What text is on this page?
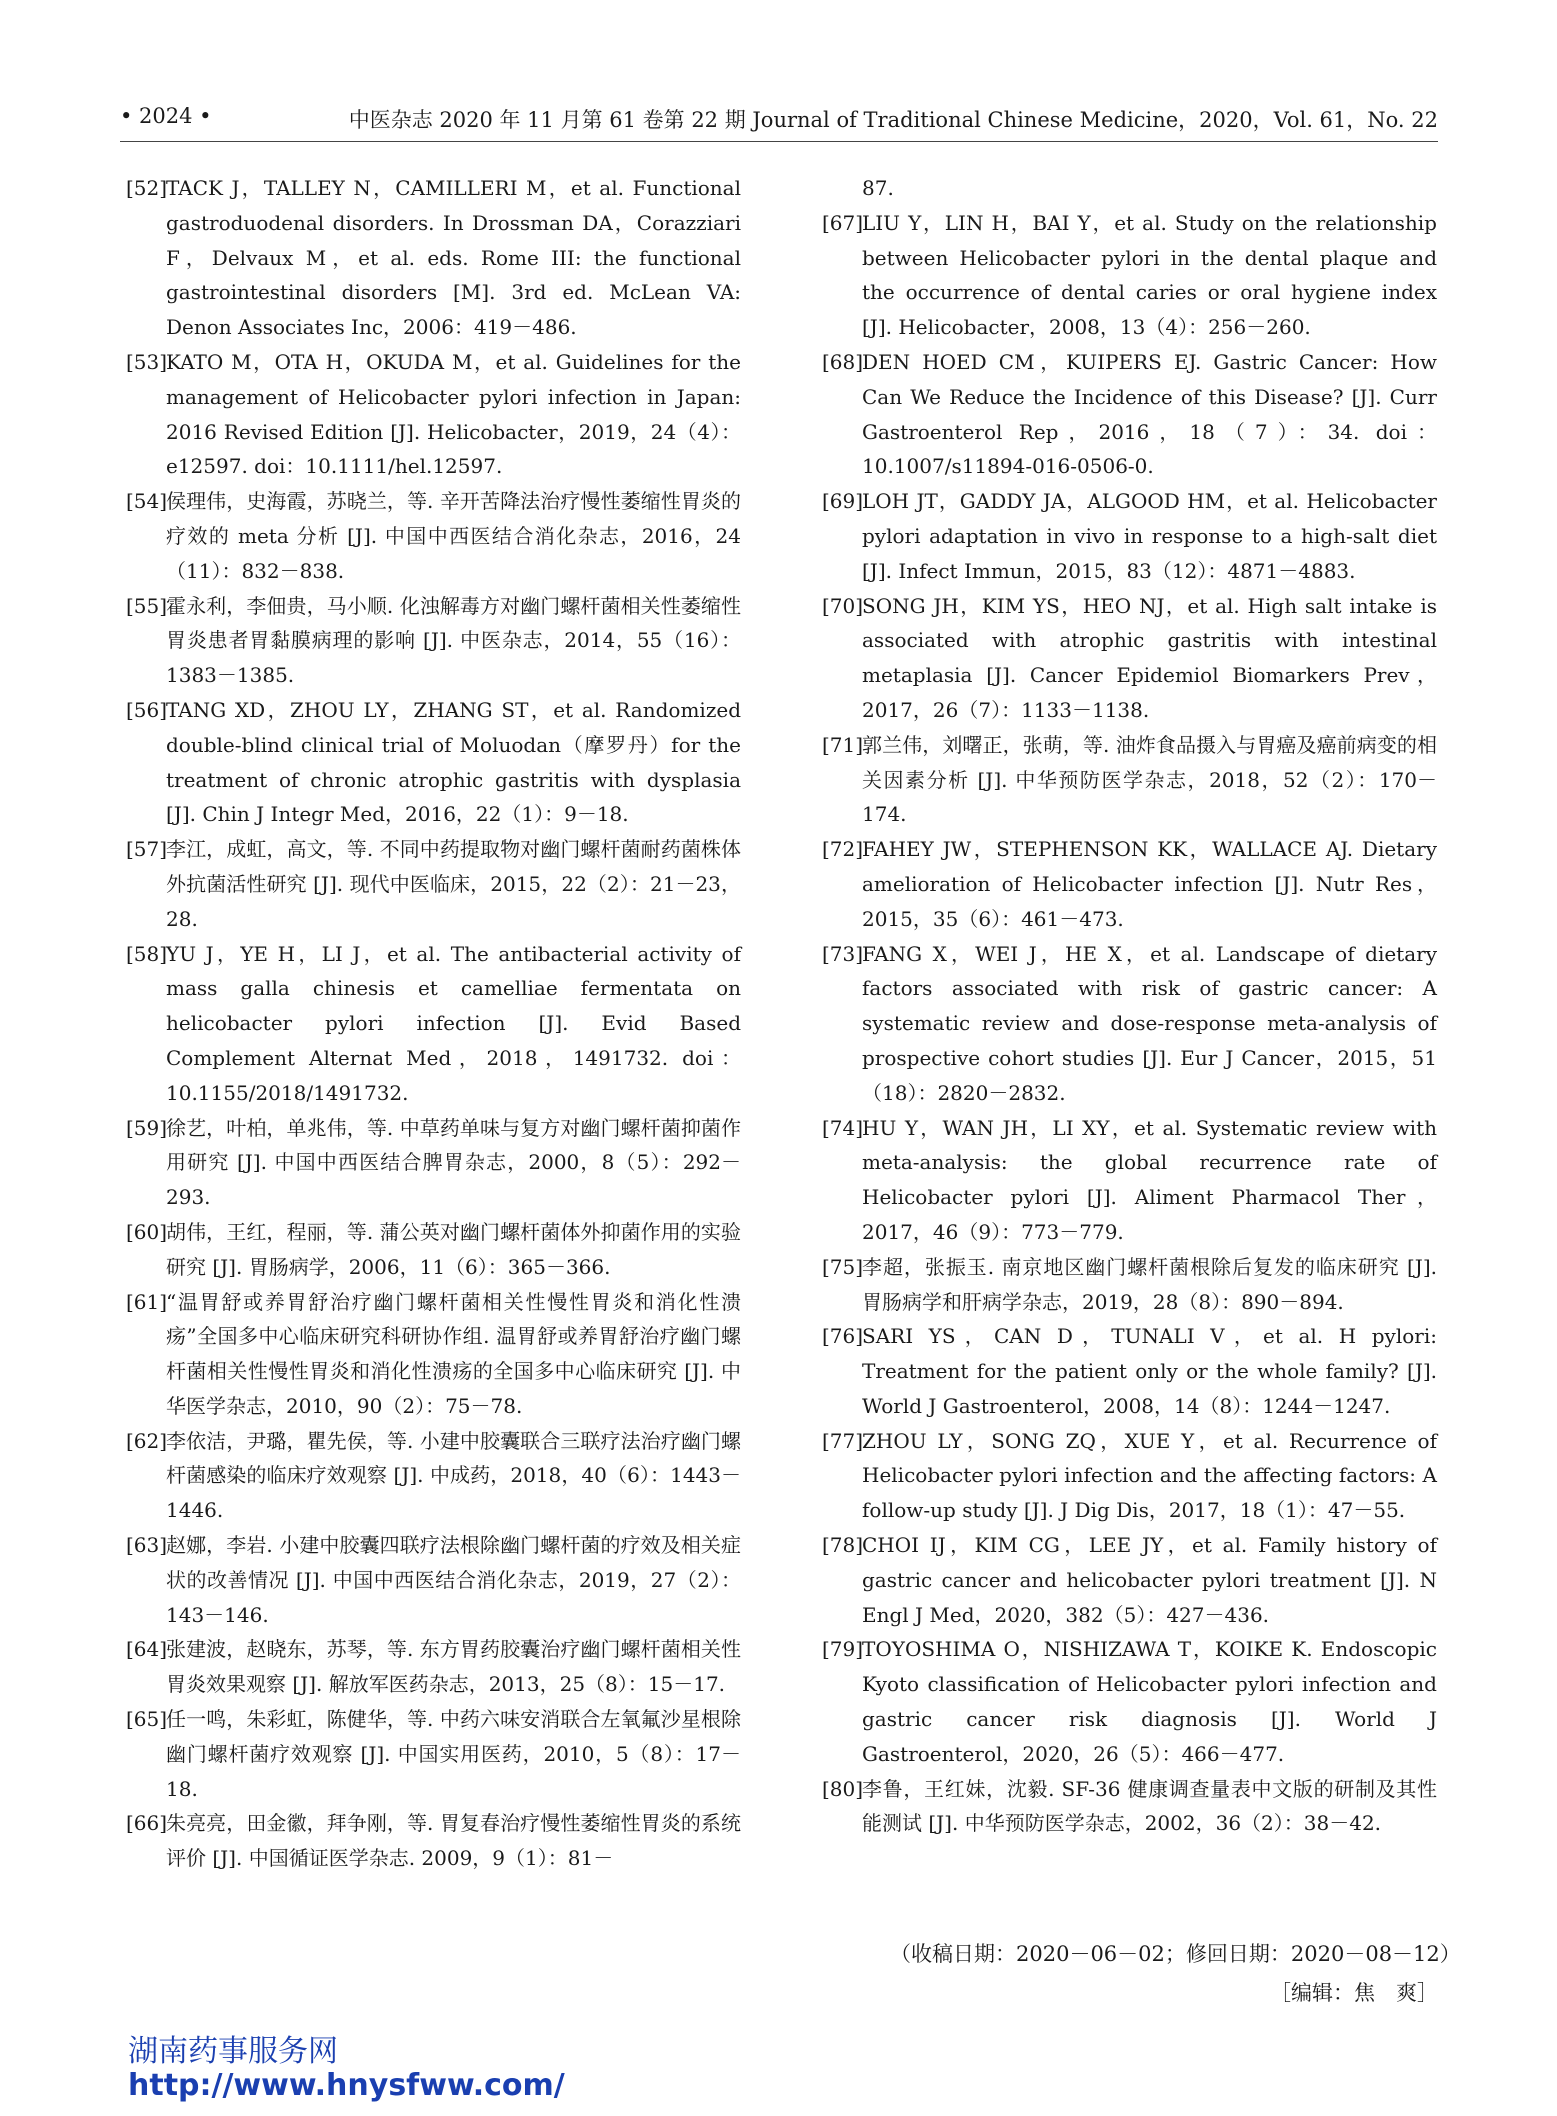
• 2024 •	中医杂志 2020 年 11 月第 61 卷第 22 期 Journal of Traditional Chinese Medicine，2020，Vol. 61，No. 22
[52]
TACK J，TALLEY N，CAMILLERI M，et al. Functional gastroduodenal disorders. In Drossman DA，Corazziari F，Delvaux M，et al. eds. Rome III: the functional gastrointestinal disorders [M]. 3rd ed. McLean VA: Denon Associates Inc，2006：419－486.
[53]
KATO M，OTA H，OKUDA M，et al. Guidelines for the management of Helicobacter pylori infection in Japan: 2016 Revised Edition [J]. Helicobacter，2019，24（4）：e12597. doi：10.1111/hel.12597.
[54]
侯理伟，史海霞，苏晓兰，等. 辛开苦降法治疗慢性萎缩性胃炎的疗效的 meta 分析 [J]. 中国中西医结合消化杂志，2016，24（11）：832－838.
[55]
霍永利，李佃贵，马小顺. 化浊解毒方对幽门螺杆菌相关性萎缩性胃炎患者胃黏膜病理的影响 [J]. 中医杂志，2014，55（16）：1383－1385.
[56]
TANG XD，ZHOU LY，ZHANG ST，et al. Randomized double-blind clinical trial of Moluodan（摩罗丹）for the treatment of chronic atrophic gastritis with dysplasia [J]. Chin J Integr Med，2016，22（1）：9－18.
[57]
李江，成虹，高文，等. 不同中药提取物对幽门螺杆菌耐药菌株体外抗菌活性研究 [J]. 现代中医临床，2015，22（2）：21－23，28.
[58]
YU J，YE H，LI J，et al. The antibacterial activity of mass galla chinesis et camelliae fermentata on helicobacter pylori infection [J]. Evid Based Complement Alternat Med，2018，1491732. doi：10.1155/2018/1491732.
[59]
徐艺，叶柏，单兆伟，等. 中草药单味与复方对幽门螺杆菌抑菌作用研究 [J]. 中国中西医结合脾胃杂志，2000，8（5）：292－293.
[60]
胡伟，王红，程丽，等. 蒲公英对幽门螺杆菌体外抑菌作用的实验研究 [J]. 胃肠病学，2006，11（6）：365－366.
[61]
“温胃舒或养胃舒治疗幽门螺杆菌相关性慢性胃炎和消化性溃疡”全国多中心临床研究科研协作组. 温胃舒或养胃舒治疗幽门螺杆菌相关性慢性胃炎和消化性溃疡的全国多中心临床研究 [J]. 中华医学杂志，2010，90（2）：75－78.
[62]
李依洁，尹璐，瞿先侯，等. 小建中胶囊联合三联疗法治疗幽门螺杆菌感染的临床疗效观察 [J]. 中成药，2018，40（6）：1443－1446.
[63]
赵娜，李岩. 小建中胶囊四联疗法根除幽门螺杆菌的疗效及相关症状的改善情况 [J]. 中国中西医结合消化杂志，2019，27（2）：143－146.
[64]
张建波，赵晓东，苏琴，等. 东方胃药胶囊治疗幽门螺杆菌相关性胃炎效果观察 [J]. 解放军医药杂志，2013，25（8）：15－17.
[65]
任一鸣，朱彩虹，陈健华，等. 中药六味安消联合左氧氟沙星根除幽门螺杆菌疗效观察 [J]. 中国实用医药，2010，5（8）：17－18.
[66]
朱亮亮，田金徽，拜争刚，等. 胃复春治疗慢性萎缩性胃炎的系统评价 [J]. 中国循证医学杂志. 2009，9（1）：81－
87.
[67]
LIU Y，LIN H，BAI Y，et al. Study on the relationship between Helicobacter pylori in the dental plaque and the occurrence of dental caries or oral hygiene index [J]. Helicobacter，2008，13（4）：256－260.
[68]
DEN HOED CM，KUIPERS EJ. Gastric Cancer: How Can We Reduce the Incidence of this Disease? [J]. Curr Gastroenterol Rep，2016，18（7）：34. doi：10.1007/s11894-016-0506-0.
[69]
LOH JT，GADDY JA，ALGOOD HM，et al. Helicobacter pylori adaptation in vivo in response to a high-salt diet [J]. Infect Immun，2015，83（12）：4871－4883.
[70]
SONG JH，KIM YS，HEO NJ，et al. High salt intake is associated with atrophic gastritis with intestinal metaplasia [J]. Cancer Epidemiol Biomarkers Prev，2017，26（7）：1133－1138.
[71]
郭兰伟，刘曙正，张萌，等. 油炸食品摄入与胃癌及癌前病变的相关因素分析 [J]. 中华预防医学杂志，2018，52（2）：170－174.
[72]
FAHEY JW，STEPHENSON KK，WALLACE AJ. Dietary amelioration of Helicobacter infection [J]. Nutr Res，2015，35（6）：461－473.
[73]
FANG X，WEI J，HE X，et al. Landscape of dietary factors associated with risk of gastric cancer: A systematic review and dose-response meta-analysis of prospective cohort studies [J]. Eur J Cancer，2015，51（18）：2820－2832.
[74]
HU Y，WAN JH，LI XY，et al. Systematic review with meta-analysis: the global recurrence rate of Helicobacter pylori [J]. Aliment Pharmacol Ther，2017，46（9）：773－779.
[75]
李超，张振玉. 南京地区幽门螺杆菌根除后复发的临床研究 [J]. 胃肠病学和肝病学杂志，2019，28（8）：890－894.
[76]
SARI YS，CAN D，TUNALI V，et al. H pylori: Treatment for the patient only or the whole family? [J]. World J Gastroenterol，2008，14（8）：1244－1247.
[77]
ZHOU LY，SONG ZQ，XUE Y，et al. Recurrence of Helicobacter pylori infection and the affecting factors: A follow-up study [J]. J Dig Dis，2017，18（1）：47－55.
[78]
CHOI IJ，KIM CG，LEE JY，et al. Family history of gastric cancer and helicobacter pylori treatment [J]. N Engl J Med，2020，382（5）：427－436.
[79]
TOYOSHIMA O，NISHIZAWA T，KOIKE K. Endoscopic Kyoto classification of Helicobacter pylori infection and gastric cancer risk diagnosis [J]. World J Gastroenterol，2020，26（5）：466－477.
[80]
李鲁，王红妹，沈毅. SF-36 健康调查量表中文版的研制及其性能测试 [J]. 中华预防医学杂志，2002，36（2）：38－42.
（收稿日期：2020－06－02；修回日期：2020－08－12）
［编辑：焦　爽］
湖南药事服务网
http://www.hnysfww.com/
